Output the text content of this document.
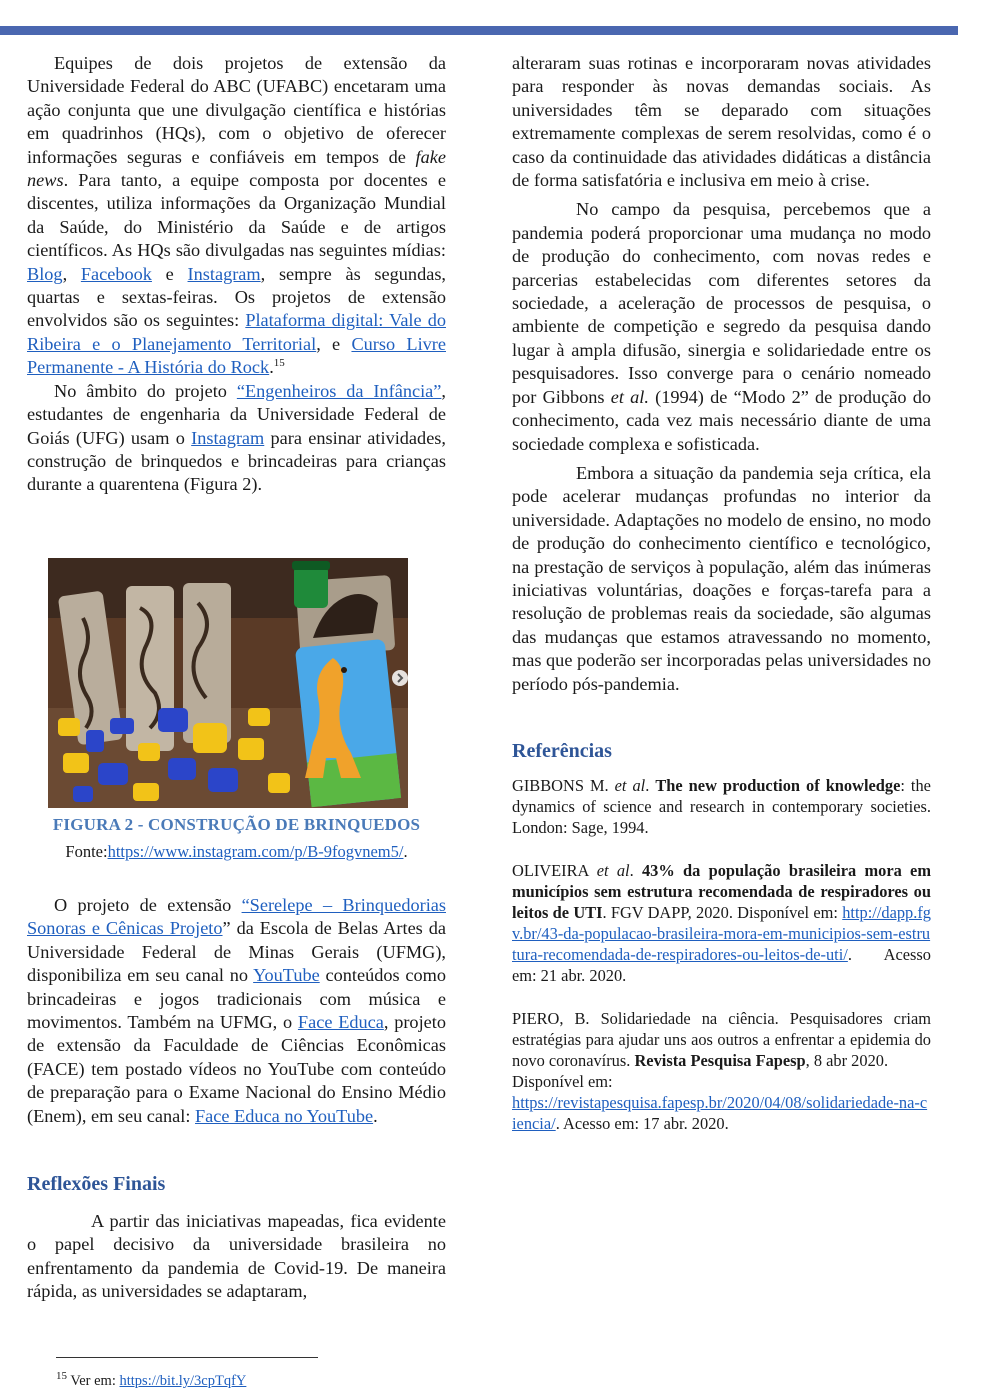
Equipes de dois projetos de extensão da Universidade Federal do ABC (UFABC) encetaram uma ação conjunta que une divulgação científica e histórias em quadrinhos (HQs), com o objetivo de oferecer informações seguras e confiáveis em tempos de fake news. Para tanto, a equipe composta por docentes e discentes, utiliza informações da Organização Mundial da Saúde, do Ministério da Saúde e de artigos científicos. As HQs são divulgadas nas seguintes mídias: Blog, Facebook e Instagram, sempre às segundas, quartas e sextas-feiras. Os projetos de extensão envolvidos são os seguintes: Plataforma digital: Vale do Ribeira e o Planejamento Territorial, e Curso Livre Permanente - A História do Rock.$^{15}$

No âmbito do projeto “Engenheiros da Infância”, estudantes de engenharia da Universidade Federal de Goiás (UFG) usam o Instagram para ensinar atividades, construção de brinquedos e brincadeiras para crianças durante a quarentena (Figura 2).

FIGURA 2 - CONSTRUÇÃO DE BRINQUEDOS
Fonte:https://www.instagram.com/p/B-9fogvnem5/.

O projeto de extensão “Serelepe – Brinquedorias Sonoras e Cênicas Projeto” da Escola de Belas Artes da Universidade Federal de Minas Gerais (UFMG), disponibiliza em seu canal no YouTube conteúdos como brincadeiras e jogos tradicionais com música e movimentos. Também na UFMG, o Face Educa, projeto de extensão da Faculdade de Ciências Econômicas (FACE) tem postado vídeos no YouTube com conteúdo de preparação para o Exame Nacional do Ensino Médio (Enem), em seu canal: Face Educa no YouTube.

Reflexões Finais

A partir das iniciativas mapeadas, fica evidente o papel decisivo da universidade brasileira no enfrentamento da pandemia de Covid-19. De maneira rápida, as universidades se adaptaram,

alteraram suas rotinas e incorporaram novas atividades para responder às novas demandas sociais. As universidades têm se deparado com situações extremamente complexas de serem resolvidas, como é o caso da continuidade das atividades didáticas a distância de forma satisfatória e inclusiva em meio à crise.

No campo da pesquisa, percebemos que a pandemia poderá proporcionar uma mudança no modo de produção do conhecimento, com novas redes e parcerias estabelecidas com diferentes setores da sociedade, a aceleração de processos de pesquisa, o ambiente de competição e segredo da pesquisa dando lugar à ampla difusão, sinergia e solidariedade entre os pesquisadores. Isso converge para o cenário nomeado por Gibbons et al. (1994) de “Modo 2” de produção do conhecimento, cada vez mais necessário diante de uma sociedade complexa e sofisticada.

Embora a situação da pandemia seja crítica, ela pode acelerar mudanças profundas no interior da universidade. Adaptações no modelo de ensino, no modo de produção do conhecimento científico e tecnológico, na prestação de serviços à população, além das inúmeras iniciativas voluntárias, doações e forças-tarefa para a resolução de problemas reais da sociedade, são algumas das mudanças que estamos atravessando no momento, mas que poderão ser incorporadas pelas universidades no período pós-pandemia.

Referências

GIBBONS M. et al. The new production of knowledge: the dynamics of science and research in contemporary societies. London: Sage, 1994.

OLIVEIRA et al. 43% da população brasileira mora em municípios sem estrutura recomendada de respiradores ou leitos de UTI. FGV DAPP, 2020. Disponível em: http://dapp.fgv.br/43-da-populacao-brasileira-mora-em-municipios-sem-estrutura-recomendada-de-respiradores-ou-leitos-de-uti/. Acesso em: 21 abr. 2020.

PIERO, B. Solidariedade na ciência. Pesquisadores criam estratégias para ajudar uns aos outros a enfrentar a epidemia do novo coronavírus. Revista Pesquisa Fapesp, 8 abr 2020.
Disponível em:
https://revistapesquisa.fapesp.br/2020/04/08/solidariedade-na-ciencia/. Acesso em: 17 abr. 2020.

$^{15}$ Ver em: https://bit.ly/3cpTqfY
